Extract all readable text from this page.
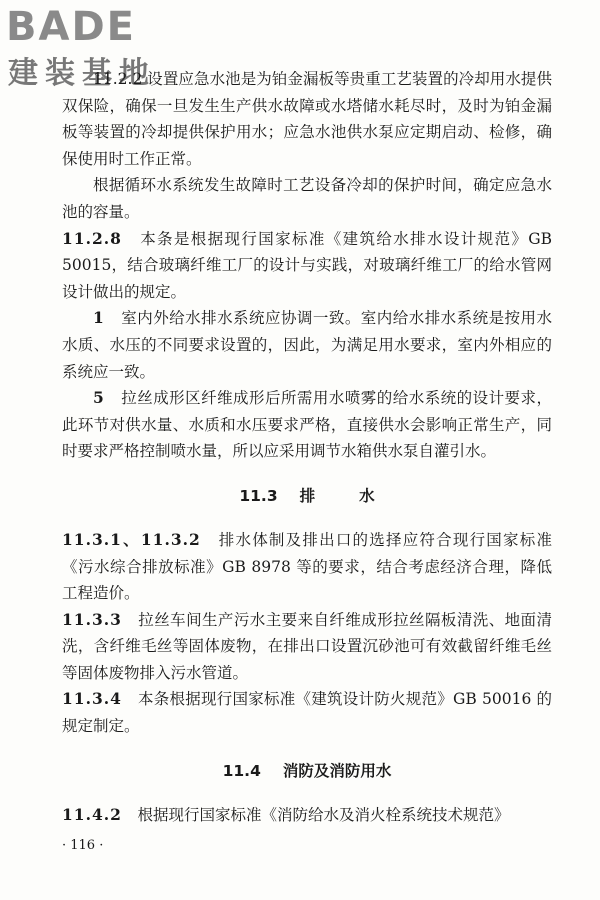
BADE
建装基地

11.2.2 设置应急水池是为铂金漏板等贵重工艺装置的冷却用水提供双保险，确保一旦发生生产供水故障或水塔储水耗尽时，及时为铂金漏板等装置的冷却提供保护用水；应急水池供水泵应定期启动、检修，确保使用时工作正常。

根据循环水系统发生故障时工艺设备冷却的保护时间，确定应急水池的容量。

11.2.8　 本条是根据现行国家标准《建筑给水排水设计规范》GB 50015，结合玻璃纤维工厂的设计与实践，对玻璃纤维工厂的给水管网设计做出的规定。

1　 室内外给水排水系统应协调一致。室内给水排水系统是按用水水质、水压的不同要求设置的，因此，为满足用水要求，室内外相应的系统应一致。

5　 拉丝成形区纤维成形后所需用水喷雾的给水系统的设计要求，此环节对供水量、水质和水压要求严格，直接供水会影响正常生产，同时要求严格控制喷水量，所以应采用调节水箱供水泵自灌引水。

11.3 排	水

11.3.1、11.3.2　 排水体制及排出口的选择应符合现行国家标准《污水综合排放标准》GB 8978 等的要求，结合考虑经济合理，降低工程造价。

11.3.3　 拉丝车间生产污水主要来自纤维成形拉丝隔板清洗、地面清洗，含纤维毛丝等固体废物，在排出口设置沉砂池可有效截留纤维毛丝等固体废物排入污水管道。

11.3.4　 本条根据现行国家标准《建筑设计防火规范》GB 50016 的规定制定。

11.4 消防及消防用水

11.4.2　 根据现行国家标准《消防给水及消火栓系统技术规范》

· 116 ·
